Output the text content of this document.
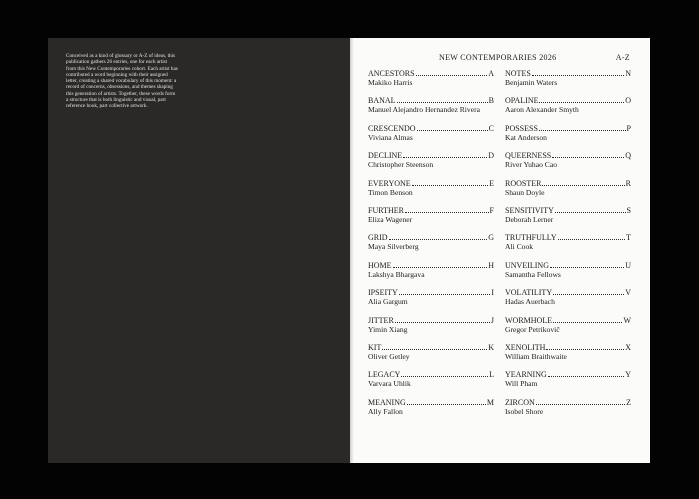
Conceived as a kind of glossary or A-Z of ideas, this publication gathers 26 entries, one for each artist from this New Contemporaries cohort. Each artist has contributed a word beginning with their assigned letter, creating a shared vocabulary of this moment: a record of concerns, obsessions, and themes shaping this generation of artists. Together, these words form a structure that is both linguistic and visual, part reference book, part collective artwork.

NEW CONTEMPORARIES 2026	A-Z
ANCESTORS	A
Makiko Harris
BANAL	B
Manuel Alejandro Hernandez Rivera
CRESCENDO	C
Viviana Almas
DECLINE	D
Christopher Steenson
EVERYONE	E
Timon Benson
FURTHER	F
Eliza Wagener
GRID	G
Maya Silverberg
HOME	H
Lakshya Bhargava
IPSEITY	I
Alia Gargum
JITTER	J
Yimin Xiang
KIT	K
Oliver Getley
LEGACY	L
Varvara Uhlik
MEANING	M
Ally Fallon
NOTES	N
Benjamin Waters
OPALINE	O
Aaron Alexander Smyth
POSSESS	P
Kat Anderson
QUEERNESS	Q
River Yuhao Cao
ROOSTER	R
Shaun Doyle
SENSITIVITY	S
Deborah Lerner
TRUTHFULLY	T
Ali Cook
UNVEILING	U
Samantha Fellows
VOLATILITY	V
Hadas Auerbach
WORMHOLE	W
Gregor Petrikovič
XENOLITH	X
William Braithwaite
YEARNING	Y
Will Pham
ZIRCON	Z
Isobel Shore
